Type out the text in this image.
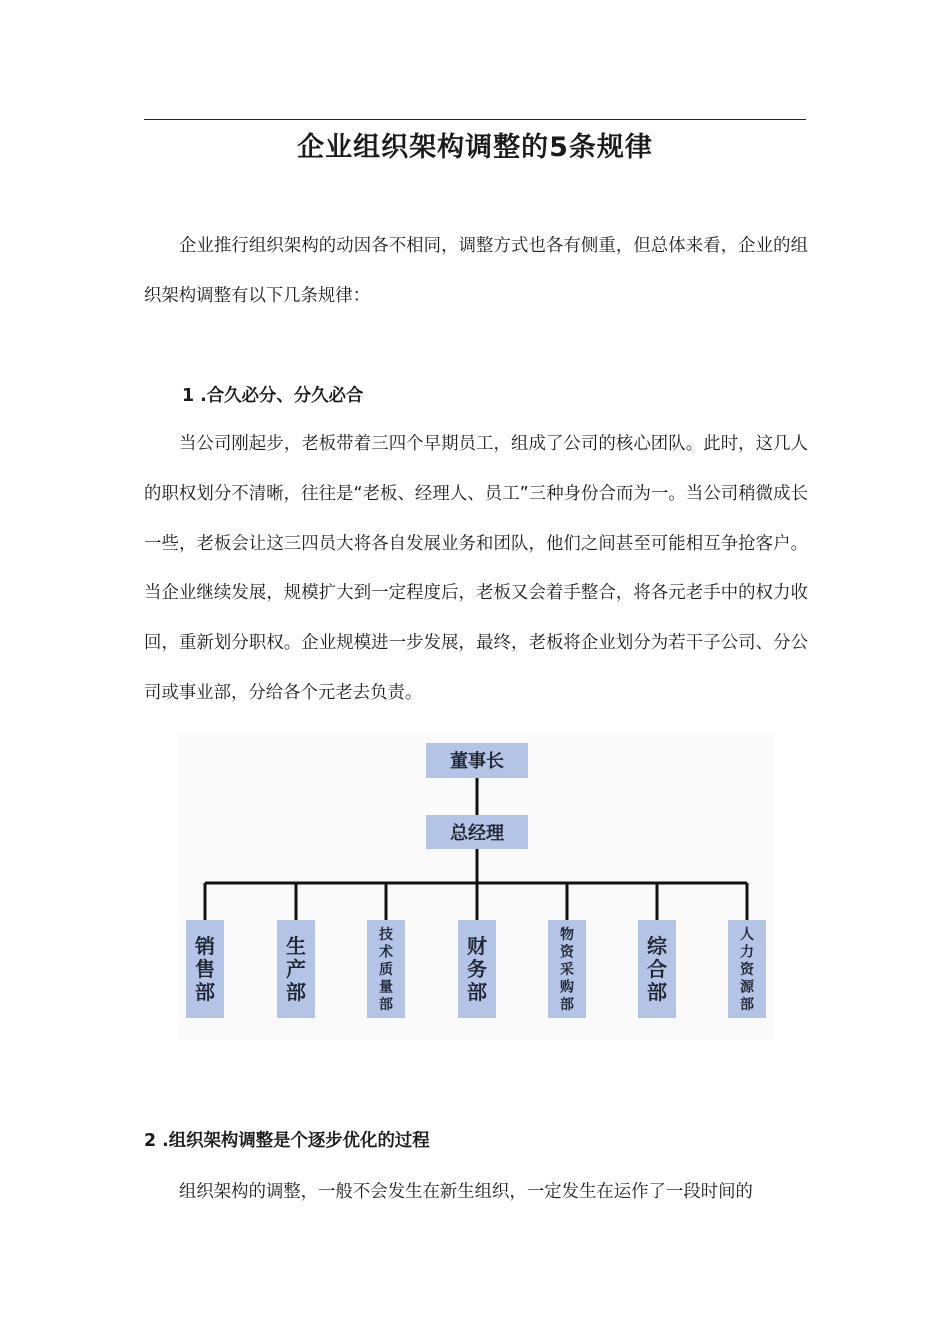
企业组织架构调整的5条规律

企业推行组织架构的动因各不相同，调整方式也各有侧重，但总体来看，企业的组织架构调整有以下几条规律：

1 .合久必分、分久必合

当公司刚起步，老板带着三四个早期员工，组成了公司的核心团队。此时，这几人的职权划分不清晰，往往是“老板、经理人、员工”三种身份合而为一。当公司稍微成长一些，老板会让这三四员大将各自发展业务和团队，他们之间甚至可能相互争抢客户。当企业继续发展，规模扩大到一定程度后，老板又会着手整合，将各元老手中的权力收回，重新划分职权。企业规模进一步发展，最终，老板将企业划分为若干子公司、分公司或事业部，分给各个元老去负责。

董事长
总经理
销售部
生产部
技术质量部
财务部
物资采购部
综合部
人力资源部

2 .组织架构调整是个逐步优化的过程

组织架构的调整，一般不会发生在新生组织，一定发生在运作了一段时间的
